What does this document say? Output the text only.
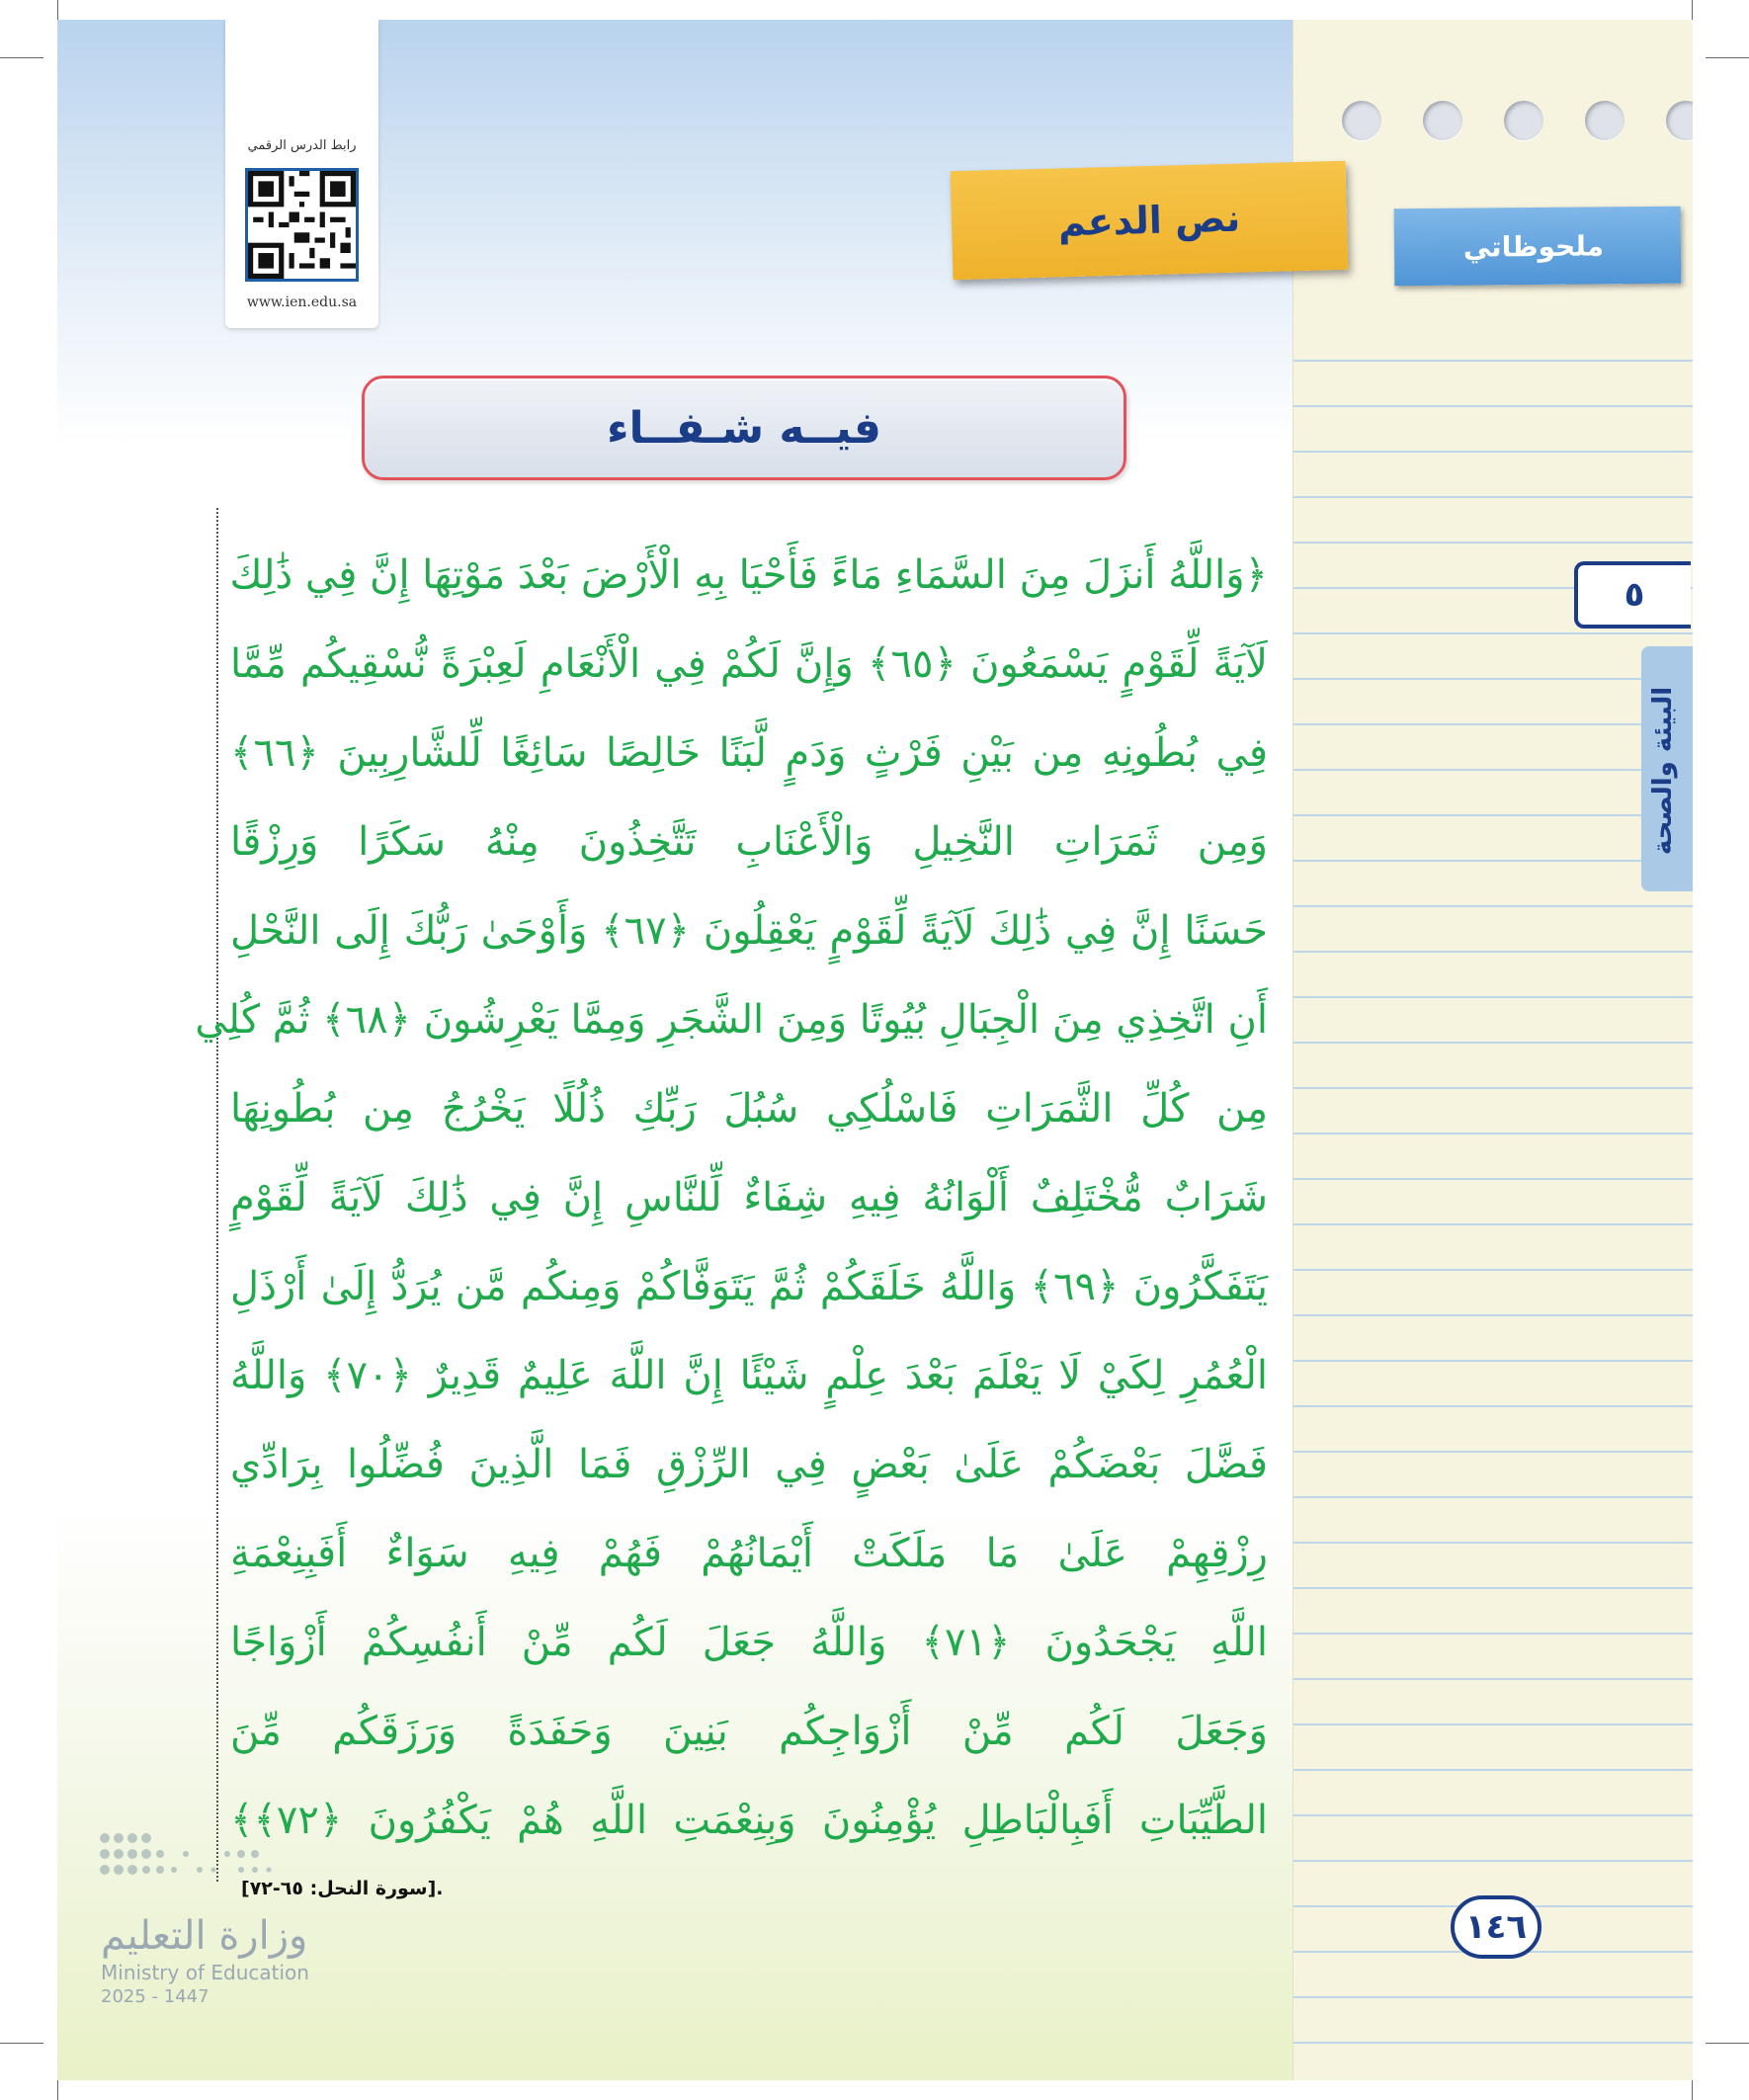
ملحوظاتي
٥
البيئة والصحة
رابط الدرس الرقمي
www.ien.edu.sa
نص الدعم
فيــه شـفــاء
﴿وَاللَّهُ أَنزَلَ مِنَ السَّمَاءِ مَاءً فَأَحْيَا بِهِ الْأَرْضَ بَعْدَ مَوْتِهَا إِنَّ فِي ذَٰلِكَ
لَآيَةً لِّقَوْمٍ يَسْمَعُونَ ﴿٦٥﴾ وَإِنَّ لَكُمْ فِي الْأَنْعَامِ لَعِبْرَةً نُّسْقِيكُم مِّمَّا
فِي بُطُونِهِ مِن بَيْنِ فَرْثٍ وَدَمٍ لَّبَنًا خَالِصًا سَائِغًا لِّلشَّارِبِينَ ﴿٦٦﴾
وَمِن ثَمَرَاتِ النَّخِيلِ وَالْأَعْنَابِ تَتَّخِذُونَ مِنْهُ سَكَرًا وَرِزْقًا
حَسَنًا إِنَّ فِي ذَٰلِكَ لَآيَةً لِّقَوْمٍ يَعْقِلُونَ ﴿٦٧﴾ وَأَوْحَىٰ رَبُّكَ إِلَى النَّحْلِ
أَنِ اتَّخِذِي مِنَ الْجِبَالِ بُيُوتًا وَمِنَ الشَّجَرِ وَمِمَّا يَعْرِشُونَ ﴿٦٨﴾ ثُمَّ كُلِي
مِن كُلِّ الثَّمَرَاتِ فَاسْلُكِي سُبُلَ رَبِّكِ ذُلُلًا يَخْرُجُ مِن بُطُونِهَا
شَرَابٌ مُّخْتَلِفٌ أَلْوَانُهُ فِيهِ شِفَاءٌ لِّلنَّاسِ إِنَّ فِي ذَٰلِكَ لَآيَةً لِّقَوْمٍ
يَتَفَكَّرُونَ ﴿٦٩﴾ وَاللَّهُ خَلَقَكُمْ ثُمَّ يَتَوَفَّاكُمْ وَمِنكُم مَّن يُرَدُّ إِلَىٰ أَرْذَلِ
الْعُمُرِ لِكَيْ لَا يَعْلَمَ بَعْدَ عِلْمٍ شَيْئًا إِنَّ اللَّهَ عَلِيمٌ قَدِيرٌ ﴿٧٠﴾ وَاللَّهُ
فَضَّلَ بَعْضَكُمْ عَلَىٰ بَعْضٍ فِي الرِّزْقِ فَمَا الَّذِينَ فُضِّلُوا بِرَادِّي
رِزْقِهِمْ عَلَىٰ مَا مَلَكَتْ أَيْمَانُهُمْ فَهُمْ فِيهِ سَوَاءٌ أَفَبِنِعْمَةِ
اللَّهِ يَجْحَدُونَ ﴿٧١﴾ وَاللَّهُ جَعَلَ لَكُم مِّنْ أَنفُسِكُمْ أَزْوَاجًا
وَجَعَلَ لَكُم مِّنْ أَزْوَاجِكُم بَنِينَ وَحَفَدَةً وَرَزَقَكُم مِّنَ
الطَّيِّبَاتِ أَفَبِالْبَاطِلِ يُؤْمِنُونَ وَبِنِعْمَتِ اللَّهِ هُمْ يَكْفُرُونَ ﴿٧٢﴾﴾
[سورة النحل: ٦٥-٧٢].
١٤٦
وزارة التعليم
Ministry of Education
2025 - 1447
